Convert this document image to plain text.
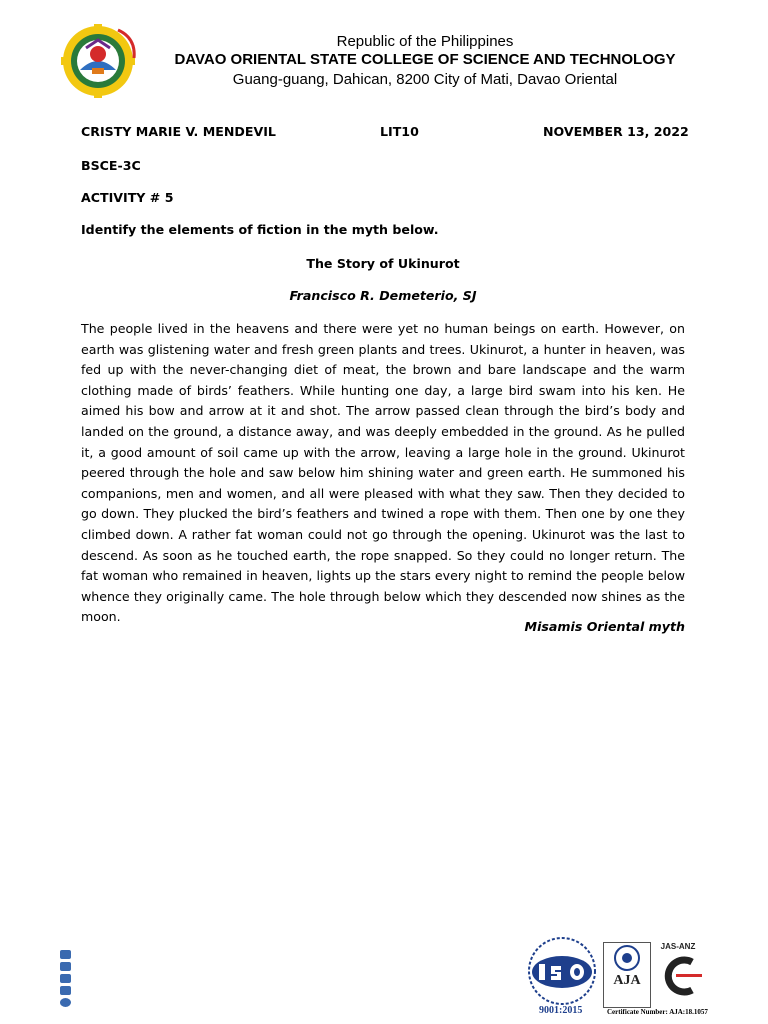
Republic of the Philippines
DAVAO ORIENTAL STATE COLLEGE OF SCIENCE AND TECHNOLOGY
Guang-guang, Dahican, 8200 City of Mati, Davao Oriental
CRISTY MARIE V. MENDEVIL	LIT10	NOVEMBER 13, 2022
BSCE-3C
ACTIVITY # 5
Identify the elements of fiction in the myth below.
The Story of Ukinurot
Francisco R. Demeterio, SJ

The people lived in the heavens and there were yet no human beings on earth. However, on earth was glistening water and fresh green plants and trees. Ukinurot, a hunter in heaven, was fed up with the never-changing diet of meat, the brown and bare landscape and the warm clothing made of birds’ feathers. While hunting one day, a large bird swam into his ken. He aimed his bow and arrow at it and shot. The arrow passed clean through the bird’s body and landed on the ground, a distance away, and was deeply embedded in the ground. As he pulled it, a good amount of soil came up with the arrow, leaving a large hole in the ground. Ukinurot peered through the hole and saw below him shining water and green earth. He summoned his companions, men and women, and all were pleased with what they saw. Then they decided to go down. They plucked the bird’s feathers and twined a rope with them. Then one by one they climbed down. A rather fat woman could not go through the opening. Ukinurot was the last to descend. As soon as he touched earth, the rope snapped. So they could no longer return. The fat woman who remained in heaven, lights up the stars every night to remind the people below whence they originally came. The hole through below which they descended now shines as the moon.

Misamis Oriental myth
9001:2015
AJA
JAS-ANZ
Certificate Number: AJA:18.1057
